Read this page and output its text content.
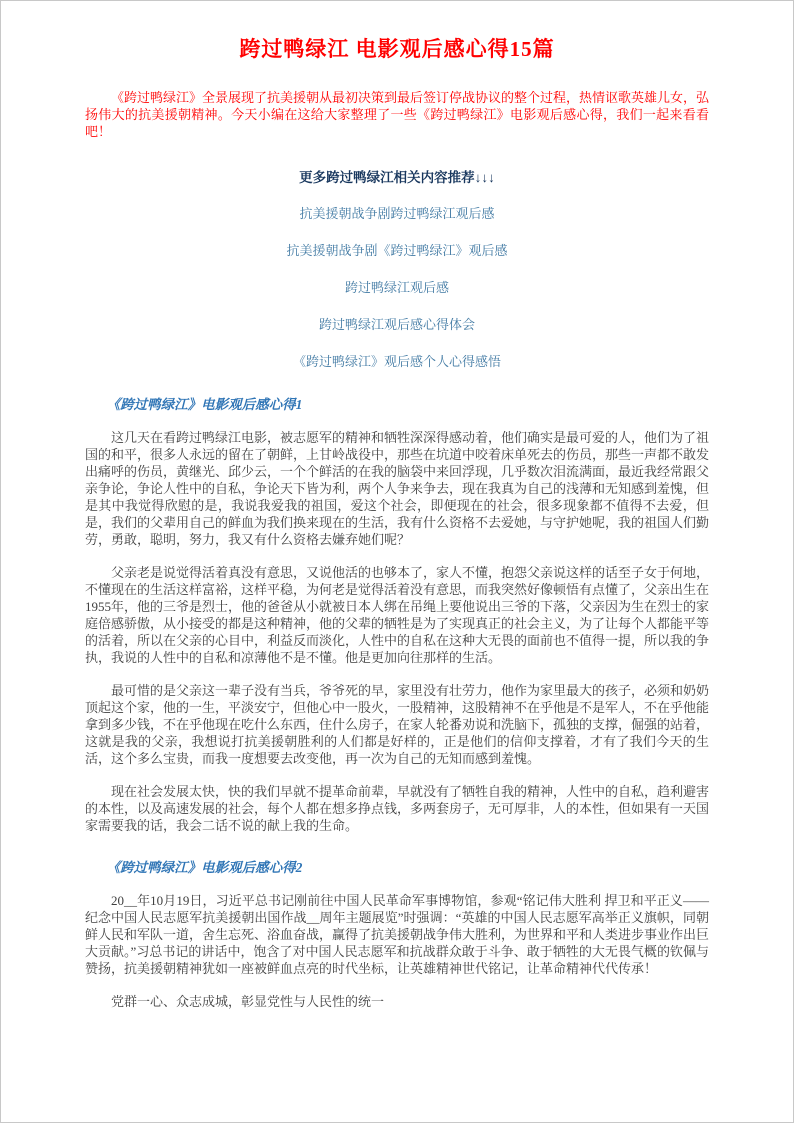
跨过鸭绿江 电影观后感心得15篇

《跨过鸭绿江》全景展现了抗美援朝从最初决策到最后签订停战协议的整个过程，热情讴歌英雄儿女，弘扬伟大的抗美援朝精神。今天小编在这给大家整理了一些《跨过鸭绿江》电影观后感心得，我们一起来看看吧！

更多跨过鸭绿江相关内容推荐↓↓↓
抗美援朝战争剧跨过鸭绿江观后感
抗美援朝战争剧《跨过鸭绿江》观后感
跨过鸭绿江观后感
跨过鸭绿江观后感心得体会
《跨过鸭绿江》观后感个人心得感悟
《跨过鸭绿江》电影观后感心得1

这几天在看跨过鸭绿江电影，被志愿军的精神和牺牲深深得感动着，他们确实是最可爱的人，他们为了祖国的和平，很多人永远的留在了朝鲜，上甘岭战役中，那些在坑道中咬着床单死去的伤员，那些一声都不敢发出痛呼的伤员，黄继光、邱少云，一个个鲜活的在我的脑袋中来回浮现，几乎数次泪流满面，最近我经常跟父亲争论，争论人性中的自私，争论天下皆为利，两个人争来争去，现在我真为自己的浅薄和无知感到羞愧，但是其中我觉得欣慰的是，我说我爱我的祖国，爱这个社会，即便现在的社会，很多现象都不值得不去爱，但是，我们的父辈用自己的鲜血为我们换来现在的生活，我有什么资格不去爱她，与守护她呢，我的祖国人们勤劳，勇敢，聪明，努力，我又有什么资格去嫌弃她们呢？

父亲老是说觉得活着真没有意思，又说他活的也够本了，家人不懂，抱怨父亲说这样的话至子女于何地，不懂现在的生活这样富裕，这样平稳，为何老是觉得活着没有意思，而我突然好像顿悟有点懂了，父亲出生在1955年，他的三爷是烈士，他的爸爸从小就被日本人绑在吊绳上要他说出三爷的下落，父亲因为生在烈士的家庭倍感骄傲，从小接受的都是这种精神，他的父辈的牺牲是为了实现真正的社会主义，为了让每个人都能平等的活着，所以在父亲的心目中，利益反而淡化，人性中的自私在这种大无畏的面前也不值得一提，所以我的争执，我说的人性中的自私和凉薄他不是不懂。他是更加向往那样的生活。

最可惜的是父亲这一辈子没有当兵，爷爷死的早，家里没有壮劳力，他作为家里最大的孩子，必须和奶奶顶起这个家，他的一生，平淡安宁，但他心中一股火，一股精神，这股精神不在乎他是不是军人，不在乎他能拿到多少钱，不在乎他现在吃什么东西，住什么房子，在家人轮番劝说和洗脑下，孤独的支撑，倔强的站着，这就是我的父亲，我想说打抗美援朝胜利的人们都是好样的，正是他们的信仰支撑着，才有了我们今天的生活，这个多么宝贵，而我一度想要去改变他，再一次为自己的无知而感到羞愧。

现在社会发展太快，快的我们早就不提革命前辈，早就没有了牺牲自我的精神，人性中的自私，趋利避害的本性，以及高速发展的社会，每个人都在想多挣点钱，多两套房子，无可厚非，人的本性，但如果有一天国家需要我的话，我会二话不说的献上我的生命。

《跨过鸭绿江》电影观后感心得2

20__年10月19日，习近平总书记刚前往中国人民革命军事博物馆，参观“铭记伟大胜利 捍卫和平正义——纪念中国人民志愿军抗美援朝出国作战__周年主题展览”时强调：“英雄的中国人民志愿军高举正义旗帜，同朝鲜人民和军队一道，舍生忘死、浴血奋战，赢得了抗美援朝战争伟大胜利，为世界和平和人类进步事业作出巨大贡献。”习总书记的讲话中，饱含了对中国人民志愿军和抗战群众敢于斗争、敢于牺牲的大无畏气概的钦佩与赞扬，抗美援朝精神犹如一座被鲜血点亮的时代坐标，让英雄精神世代铭记，让革命精神代代传承！

党群一心、众志成城，彰显党性与人民性的统一
